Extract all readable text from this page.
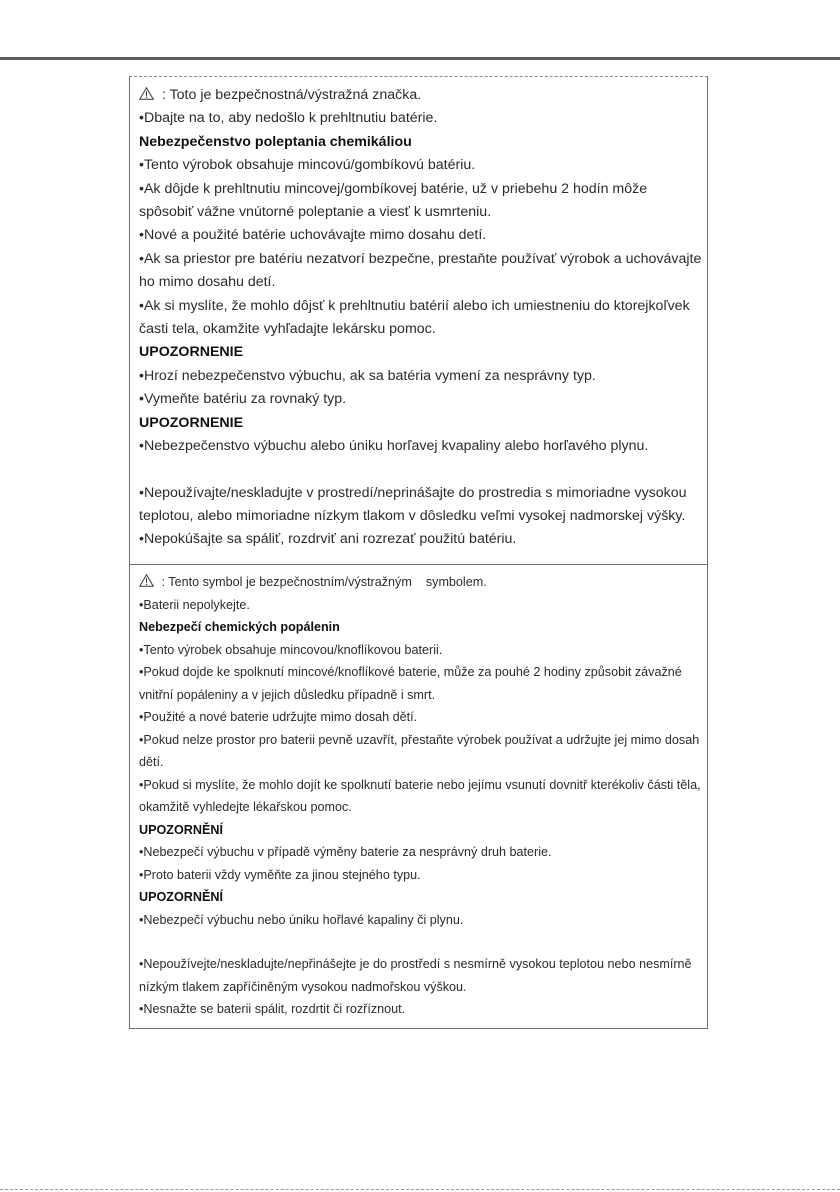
: Toto je bezpečnostná/výstražná značka.

•Dbajte na to, aby nedošlo k prehltnutiu batérie.

Nebezpečenstvo poleptania chemikáliou

•Tento výrobok obsahuje mincovú/gombíkovú batériu.

•Ak dôjde k prehltnutiu mincovej/gombíkovej batérie, už v priebehu 2 hodín môže spôsobiť vážne vnútorné poleptanie a viesť k usmrteniu.

•Nové a použité batérie uchovávajte mimo dosahu detí.

•Ak sa priestor pre batériu nezatvorí bezpečne, prestaňte používať výrobok a uchovávajte ho mimo dosahu detí.

•Ak si myslíte, že mohlo dôjsť k prehltnutiu batérií alebo ich umiestneniu do ktorejkoľvek časti tela, okamžite vyhľadajte lekársku pomoc.

UPOZORNENIE

•Hrozí nebezpečenstvo výbuchu, ak sa batéria vymení za nesprávny typ.

•Vymeňte batériu za rovnaký typ.

UPOZORNENIE

•Nebezpečenstvo výbuchu alebo úniku horľavej kvapaliny alebo horľavého plynu.

•Nepoužívajte/neskladujte v prostredí/neprinášajte do prostredia s mimoriadne vysokou teplotou, alebo mimoriadne nízkym tlakom v dôsledku veľmi vysokej nadmorskej výšky.

•Nepokúšajte sa spáliť, rozdrviť ani rozrezať použitú batériu.

: Tento symbol je bezpečnostním/výstražným    symbolem.

•Baterii nepolykejte.

Nebezpečí chemických popálenin

•Tento výrobek obsahuje mincovou/knoflíkovou baterii.

•Pokud dojde ke spolknutí mincové/knoflíkové baterie, může za pouhé 2 hodiny způsobit závažné vnitřní popáleniny a v jejich důsledku případně i smrt.

•Použité a nové baterie udržujte mimo dosah dětí.

•Pokud nelze prostor pro baterii pevně uzavřít, přestaňte výrobek používat a udržujte jej mimo dosah dětí.

•Pokud si myslíte, že mohlo dojít ke spolknutí baterie nebo jejímu vsunutí dovnitř kterékoliv části těla, okamžitě vyhledejte lékařskou pomoc.

UPOZORNĚNÍ

•Nebezpečí výbuchu v případě výměny baterie za nesprávný druh baterie.

•Proto baterii vždy vyměňte za jinou stejného typu.

UPOZORNĚNÍ

•Nebezpečí výbuchu nebo úniku hořlavé kapaliny či plynu.

•Nepoužívejte/neskladujte/nepřinášejte je do prostředí s nesmírně vysokou teplotou nebo nesmírně nízkým tlakem zapříčiněným vysokou nadmořskou výškou.

•Nesnažte se baterii spálit, rozdrtit či rozříznout.
